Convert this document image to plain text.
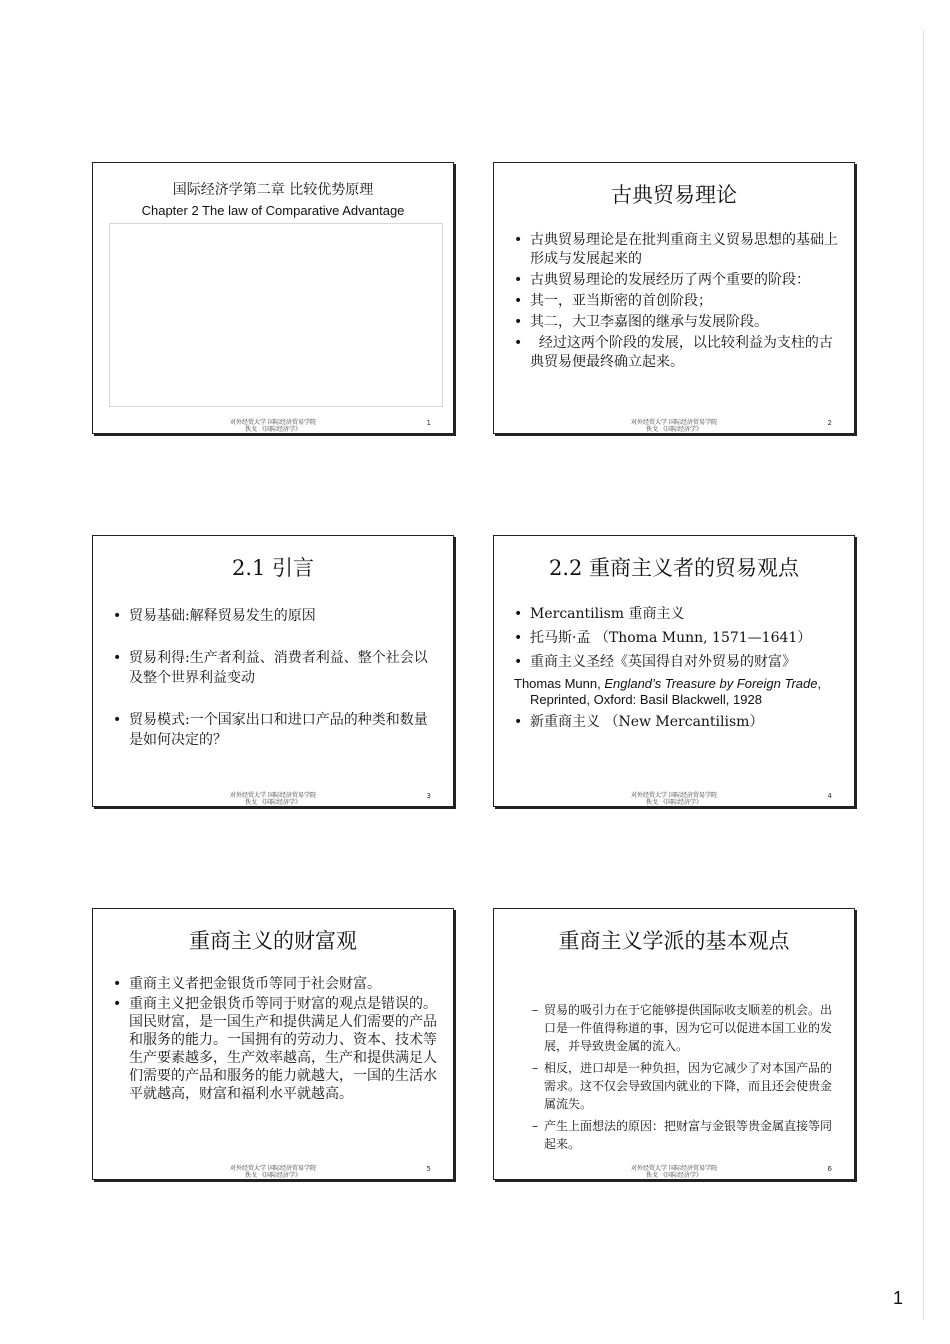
国际经济学第二章 比较优势原理
Chapter 2 The law of Comparative Advantage
对外经贸大学 国际经济贸易学院
佚戈 《国际经济学》
1
古典贸易理论
• 古典贸易理论是在批判重商主义贸易思想的基础上形成与发展起来的
• 古典贸易理论的发展经历了两个重要的阶段：
• 其一，亚当斯密的首创阶段；
• 其二，大卫李嘉图的继承与发展阶段。
•   经过这两个阶段的发展，以比较利益为支柱的古典贸易便最终确立起来。
对外经贸大学 国际经济贸易学院
佚戈 《国际经济学》
2
2.1 引言
• 贸易基础:解释贸易发生的原因
• 贸易利得:生产者利益、消费者利益、整个社会以及整个世界利益变动
• 贸易模式:一个国家出口和进口产品的种类和数量是如何决定的？
对外经贸大学 国际经济贸易学院
佚戈 《国际经济学》
3
2.2 重商主义者的贸易观点
• Mercantilism 重商主义
• 托马斯·孟 （Thoma Munn, 1571—1641）
• 重商主义圣经《英国得自对外贸易的财富》
Thomas Munn, England’s Treasure by Foreign Trade, Reprinted, Oxford: Basil Blackwell, 1928
• 新重商主义 （New Mercantilism）
对外经贸大学 国际经济贸易学院
佚戈 《国际经济学》
4
重商主义的财富观
• 重商主义者把金银货币等同于社会财富。
• 重商主义把金银货币等同于财富的观点是错误的。国民财富，是一国生产和提供满足人们需要的产品和服务的能力。一国拥有的劳动力、资本、技术等生产要素越多，生产效率越高，生产和提供满足人们需要的产品和服务的能力就越大，一国的生活水平就越高，财富和福利水平就越高。
对外经贸大学 国际经济贸易学院
佚戈 《国际经济学》
5
重商主义学派的基本观点
– 贸易的吸引力在于它能够提供国际收支顺差的机会。出口是一件值得称道的事，因为它可以促进本国工业的发展，并导致贵金属的流入。
– 相反，进口却是一种负担，因为它减少了对本国产品的需求。这不仅会导致国内就业的下降，而且还会使贵金属流失。
– 产生上面想法的原因：把财富与金银等贵金属直接等同起来。
对外经贸大学 国际经济贸易学院
佚戈 《国际经济学》
6
1
